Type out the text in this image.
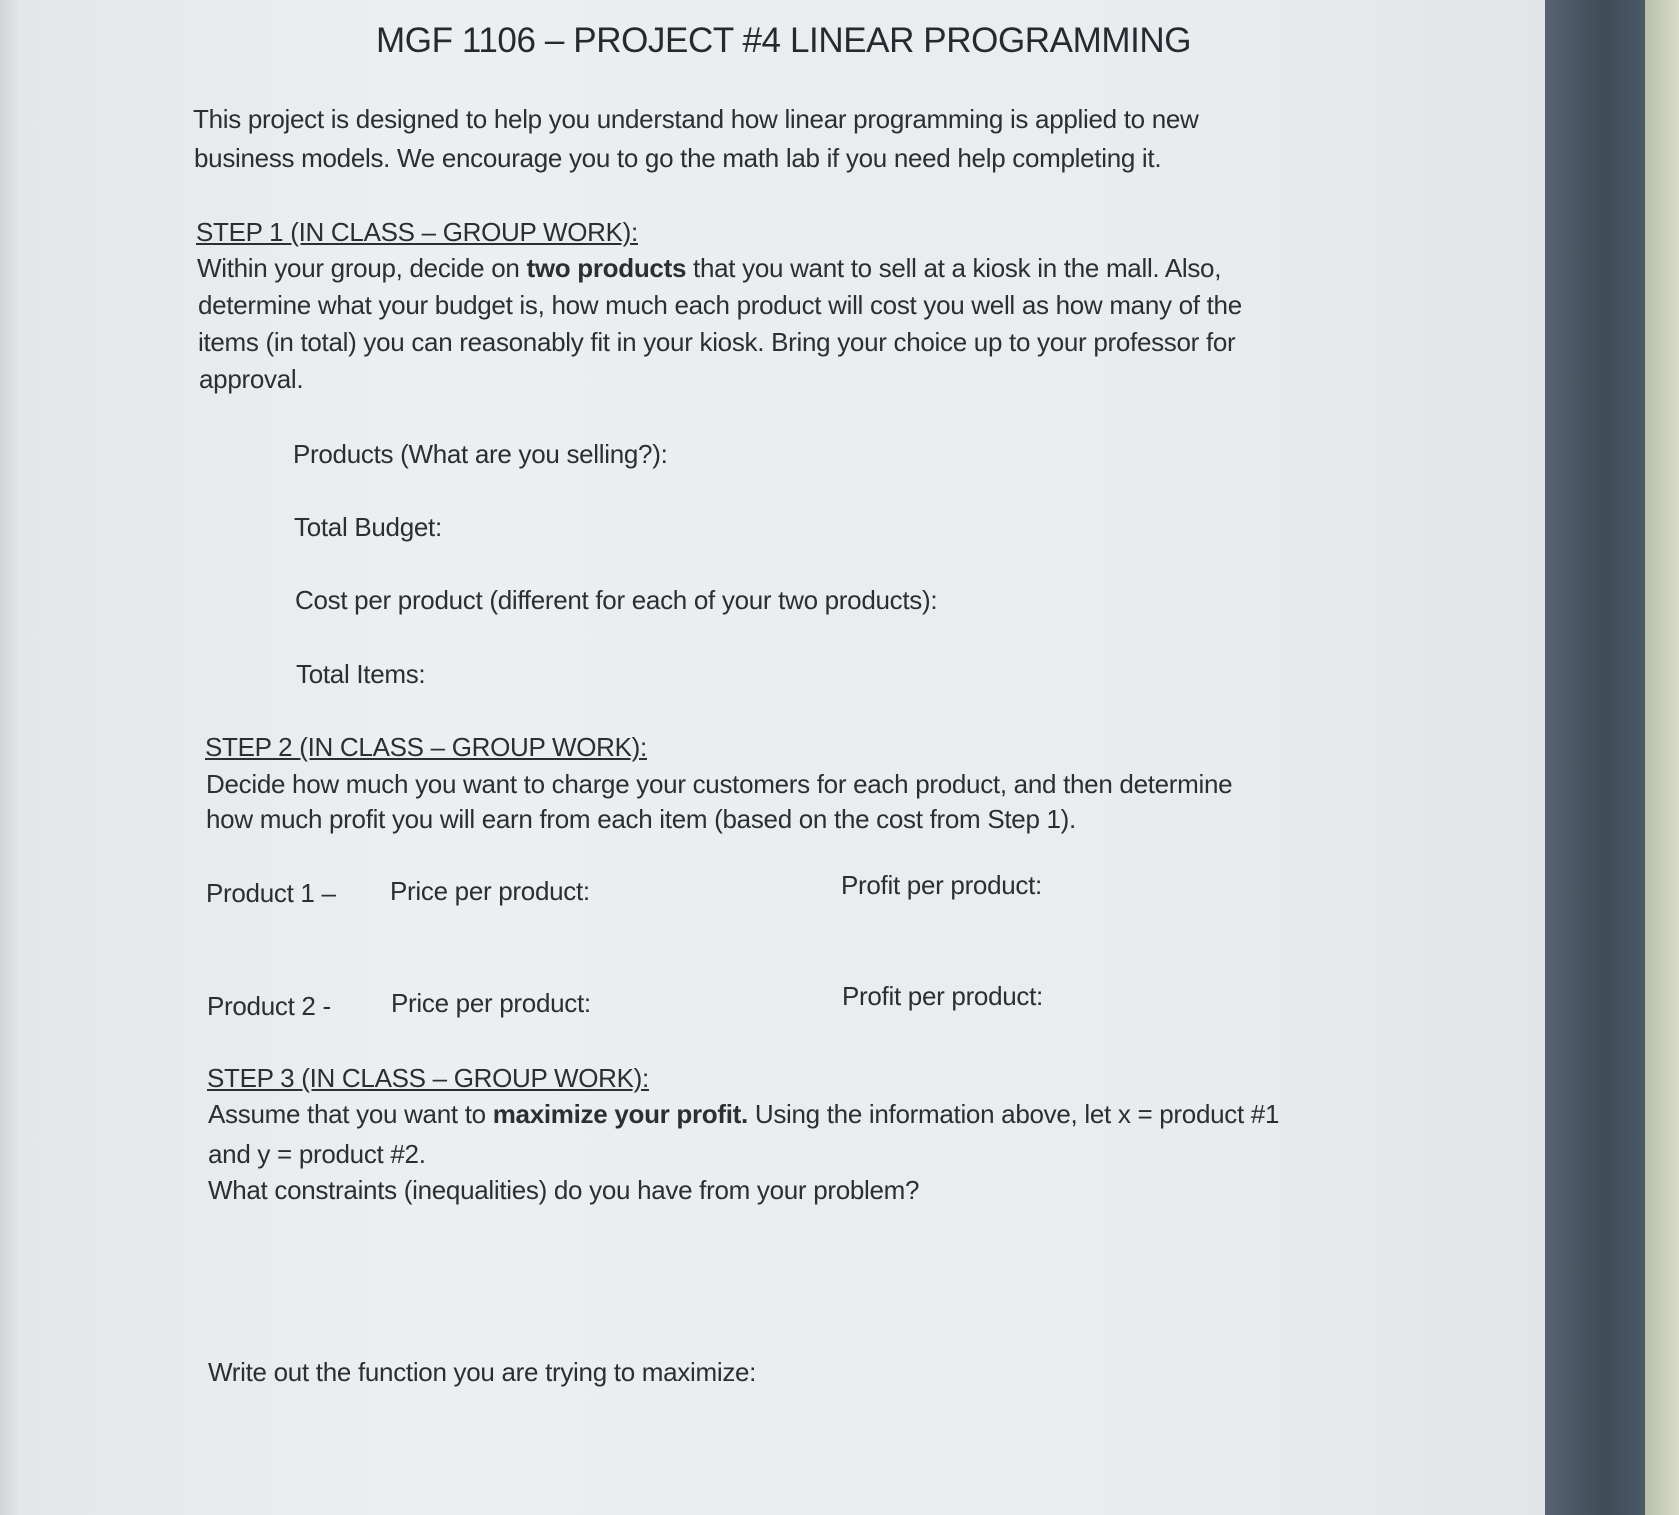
MGF 1106 – PROJECT #4 LINEAR PROGRAMMING
This project is designed to help you understand how linear programming is applied to new
business models. We encourage you to go the math lab if you need help completing it.
STEP 1 (IN CLASS – GROUP WORK):
Within your group, decide on two products that you want to sell at a kiosk in the mall. Also,
determine what your budget is, how much each product will cost you well as how many of the
items (in total) you can reasonably fit in your kiosk. Bring your choice up to your professor for
approval.
Products (What are you selling?):
Total Budget:
Cost per product (different for each of your two products):
Total Items:
STEP 2 (IN CLASS – GROUP WORK):
Decide how much you want to charge your customers for each product, and then determine
how much profit you will earn from each item (based on the cost from Step 1).
Product 1 – Price per product:	Profit per product:
Product 2 - Price per product:	Profit per product:
STEP 3 (IN CLASS – GROUP WORK):
Assume that you want to maximize your profit. Using the information above, let x = product #1
and y = product #2.
What constraints (inequalities) do you have from your problem?
Write out the function you are trying to maximize:
